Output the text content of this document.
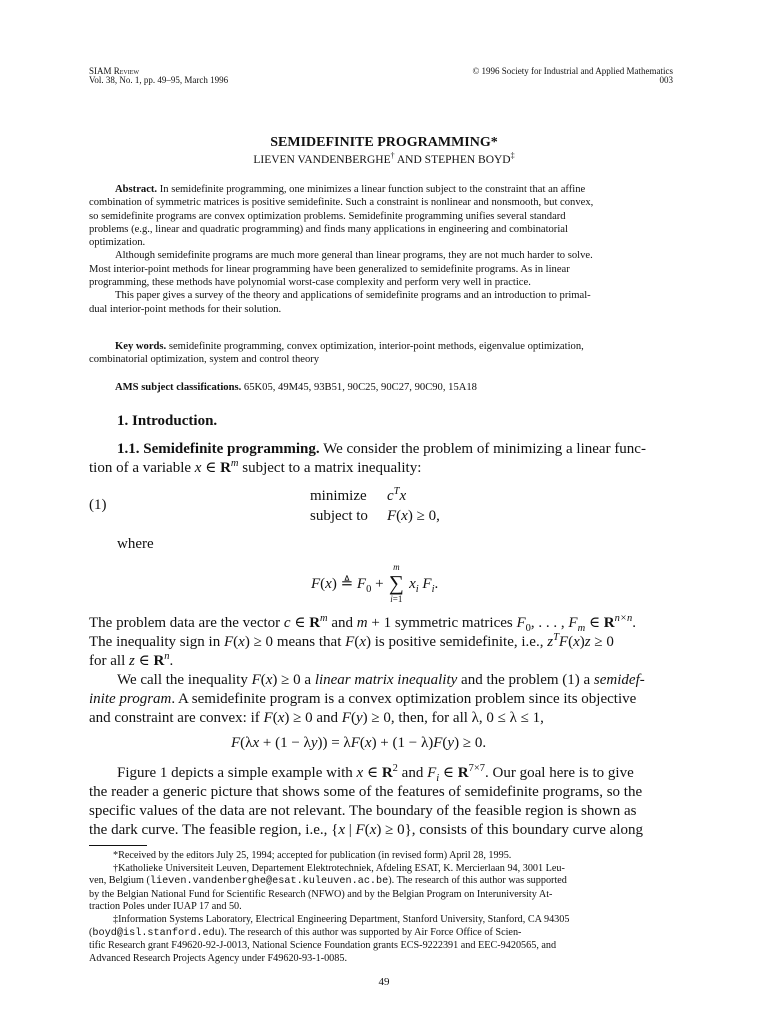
SIAM Review
Vol. 38, No. 1, pp. 49–95, March 1996
© 1996 Society for Industrial and Applied Mathematics
003
SEMIDEFINITE PROGRAMMING*
LIEVEN VANDENBERGHE† AND STEPHEN BOYD‡
Abstract. In semidefinite programming, one minimizes a linear function subject to the constraint that an affine
combination of symmetric matrices is positive semidefinite. Such a constraint is nonlinear and nonsmooth, but convex,
so semidefinite programs are convex optimization problems. Semidefinite programming unifies several standard
problems (e.g., linear and quadratic programming) and finds many applications in engineering and combinatorial
optimization.
Although semidefinite programs are much more general than linear programs, they are not much harder to solve.
Most interior-point methods for linear programming have been generalized to semidefinite programs. As in linear
programming, these methods have polynomial worst-case complexity and perform very well in practice.
This paper gives a survey of the theory and applications of semidefinite programs and an introduction to primal-
dual interior-point methods for their solution.
Key words. semidefinite programming, convex optimization, interior-point methods, eigenvalue optimization,
combinatorial optimization, system and control theory
AMS subject classifications. 65K05, 49M45, 93B51, 90C25, 90C27, 90C90, 15A18
1. Introduction.
1.1. Semidefinite programming. We consider the problem of minimizing a linear func-
tion of a variable x ∈ $R^m$ subject to a matrix inequality:
(1)
minimize $c^Tx$
subject to F(x) ≥ 0,
where
F(x) ≜ $F_0$ +
m
∑
i=1
$x_i$ $F_i$.
The problem data are the vector c ∈ $R^m$ and m + 1 symmetric matrices $F_0$, . . . , $F_m$ ∈ $R^{n\times n}$.
The inequality sign in F(x) ≥ 0 means that F(x) is positive semidefinite, i.e., $z^TF(x)z \ge 0$
for all z ∈ $R^n$.
We call the inequality F(x) ≥ 0 a linear matrix inequality and the problem (1) a semidef-
inite program. A semidefinite program is a convex optimization problem since its objective
and constraint are convex: if F(x) ≥ 0 and F(y) ≥ 0, then, for all λ, 0 ≤ λ ≤ 1,
F(λx + (1 − λy)) = λF(x) + (1 − λ)F(y) ≥ 0.
Figure 1 depicts a simple example with x ∈ $R^2$ and $F_i$ ∈ $R^{7\times 7}$. Our goal here is to give
the reader a generic picture that shows some of the features of semidefinite programs, so the
specific values of the data are not relevant. The boundary of the feasible region is shown as
the dark curve. The feasible region, i.e., {x | F(x) ≥ 0}, consists of this boundary curve along
*Received by the editors July 25, 1994; accepted for publication (in revised form) April 28, 1995.
†Katholieke Universiteit Leuven, Departement Elektrotechniek, Afdeling ESAT, K. Mercierlaan 94, 3001 Leu-
ven, Belgium (lieven.vandenberghe@esat.kuleuven.ac.be). The research of this author was supported
by the Belgian National Fund for Scientific Research (NFWO) and by the Belgian Program on Interuniversity At-
traction Poles under IUAP 17 and 50.
‡Information Systems Laboratory, Electrical Engineering Department, Stanford University, Stanford, CA 94305
(boyd@isl.stanford.edu). The research of this author was supported by Air Force Office of Scien-
tific Research grant F49620-92-J-0013, National Science Foundation grants ECS-9222391 and EEC-9420565, and
Advanced Research Projects Agency under F49620-93-1-0085.
49
